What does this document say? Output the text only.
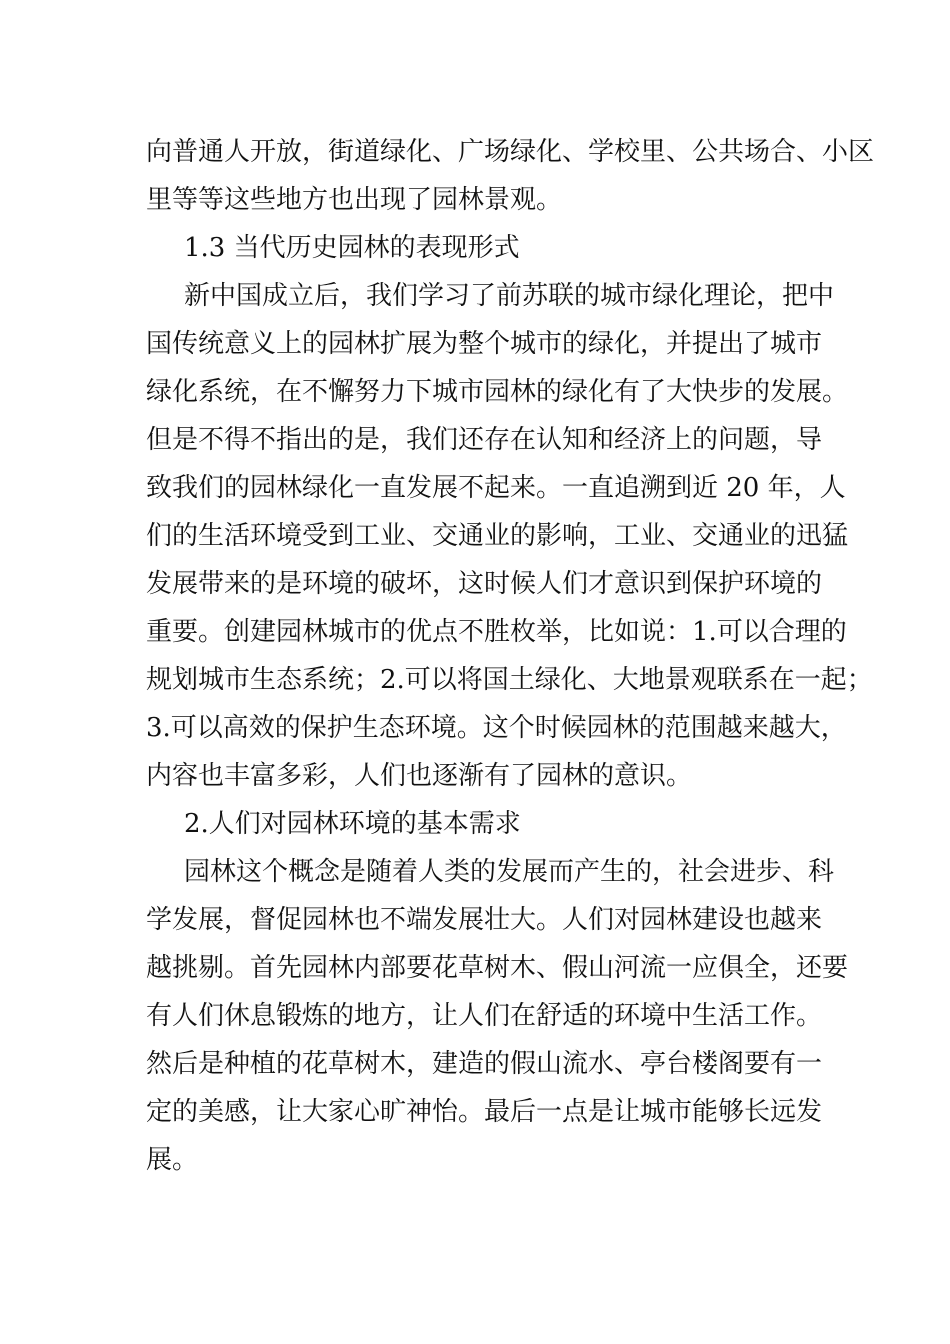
向普通人开放，街道绿化、广场绿化、学校里、公共场合、小区
里等等这些地方也出现了园林景观。
1.3 当代历史园林的表现形式
新中国成立后，我们学习了前苏联的城市绿化理论，把中
国传统意义上的园林扩展为整个城市的绿化，并提出了城市
绿化系统，在不懈努力下城市园林的绿化有了大快步的发展。
但是不得不指出的是，我们还存在认知和经济上的问题，导
致我们的园林绿化一直发展不起来。一直追溯到近 20 年，人
们的生活环境受到工业、交通业的影响，工业、交通业的迅猛
发展带来的是环境的破坏，这时候人们才意识到保护环境的
重要。创建园林城市的优点不胜枚举，比如说：1.可以合理的
规划城市生态系统；2.可以将国土绿化、大地景观联系在一起；
3.可以高效的保护生态环境。这个时候园林的范围越来越大，
内容也丰富多彩，人们也逐渐有了园林的意识。
2.人们对园林环境的基本需求
园林这个概念是随着人类的发展而产生的，社会进步、科
学发展，督促园林也不端发展壮大。人们对园林建设也越来
越挑剔。首先园林内部要花草树木、假山河流一应俱全，还要
有人们休息锻炼的地方，让人们在舒适的环境中生活工作。
然后是种植的花草树木，建造的假山流水、亭台楼阁要有一
定的美感，让大家心旷神怡。最后一点是让城市能够长远发
展。
